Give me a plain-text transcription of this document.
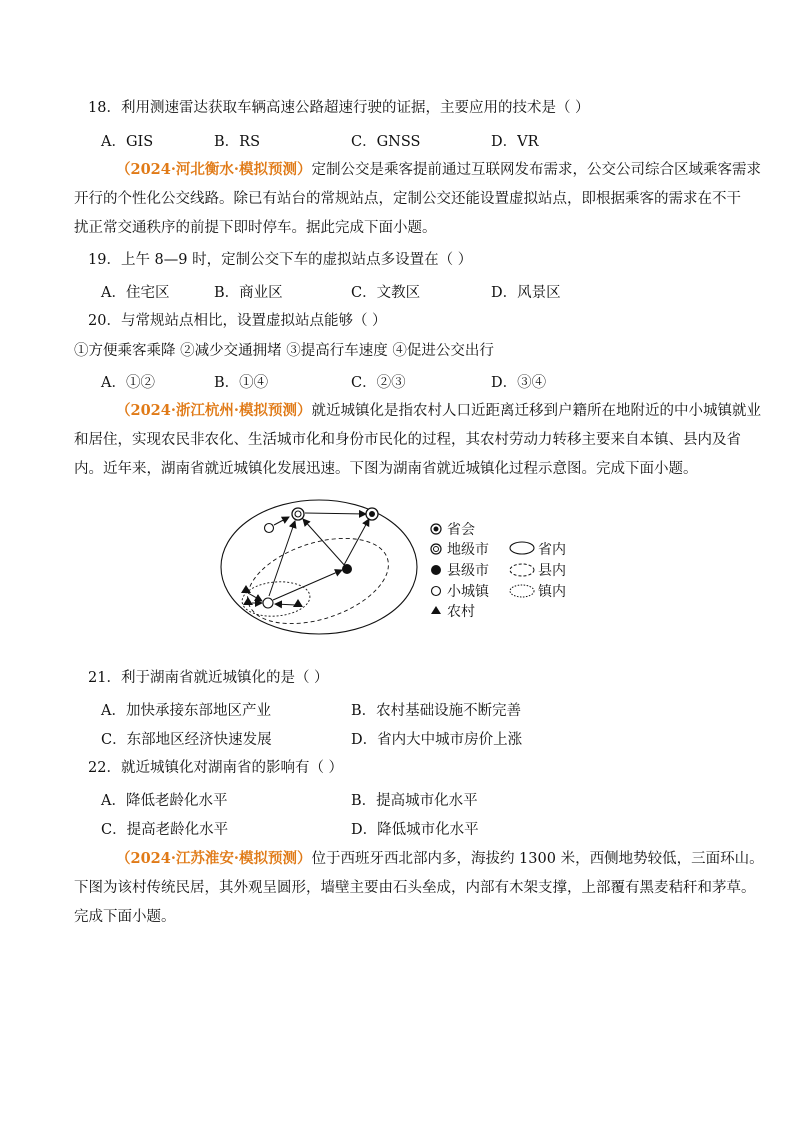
18．利用测速雷达获取车辆高速公路超速行驶的证据，主要应用的技术是（ ）
A．GIS	B．RS	C．GNSS	D．VR
（2024·河北衡水·模拟预测）定制公交是乘客提前通过互联网发布需求，公交公司综合区域乘客需求
开行的个性化公交线路。除已有站台的常规站点，定制公交还能设置虚拟站点，即根据乘客的需求在不干
扰正常交通秩序的前提下即时停车。据此完成下面小题。
19．上午 8—9 时，定制公交下车的虚拟站点多设置在（ ）
A．住宅区	B．商业区	C．文教区	D．风景区
20．与常规站点相比，设置虚拟站点能够（ ）
①方便乘客乘降 ②减少交通拥堵 ③提高行车速度 ④促进公交出行
A．①②	B．①④	C．②③	D．③④
（2024·浙江杭州·模拟预测）就近城镇化是指农村人口近距离迁移到户籍所在地附近的中小城镇就业
和居住，实现农民非农化、生活城市化和身份市民化的过程，其农村劳动力转移主要来自本镇、县内及省
内。近年来，湖南省就近城镇化发展迅速。下图为湖南省就近城镇化过程示意图。完成下面小题。
省会
地级市
县级市
小城镇
农村
省内
县内
镇内
21．利于湖南省就近城镇化的是（ ）
A．加快承接东部地区产业	B．农村基础设施不断完善
C．东部地区经济快速发展	D．省内大中城市房价上涨
22．就近城镇化对湖南省的影响有（ ）
A．降低老龄化水平	B．提高城市化水平
C．提高老龄化水平	D．降低城市化水平
（2024·江苏淮安·模拟预测）位于西班牙西北部内多，海拔约 1300 米，西侧地势较低，三面环山。
下图为该村传统民居，其外观呈圆形，墙壁主要由石头垒成，内部有木架支撑，上部覆有黑麦秸秆和茅草。
完成下面小题。
